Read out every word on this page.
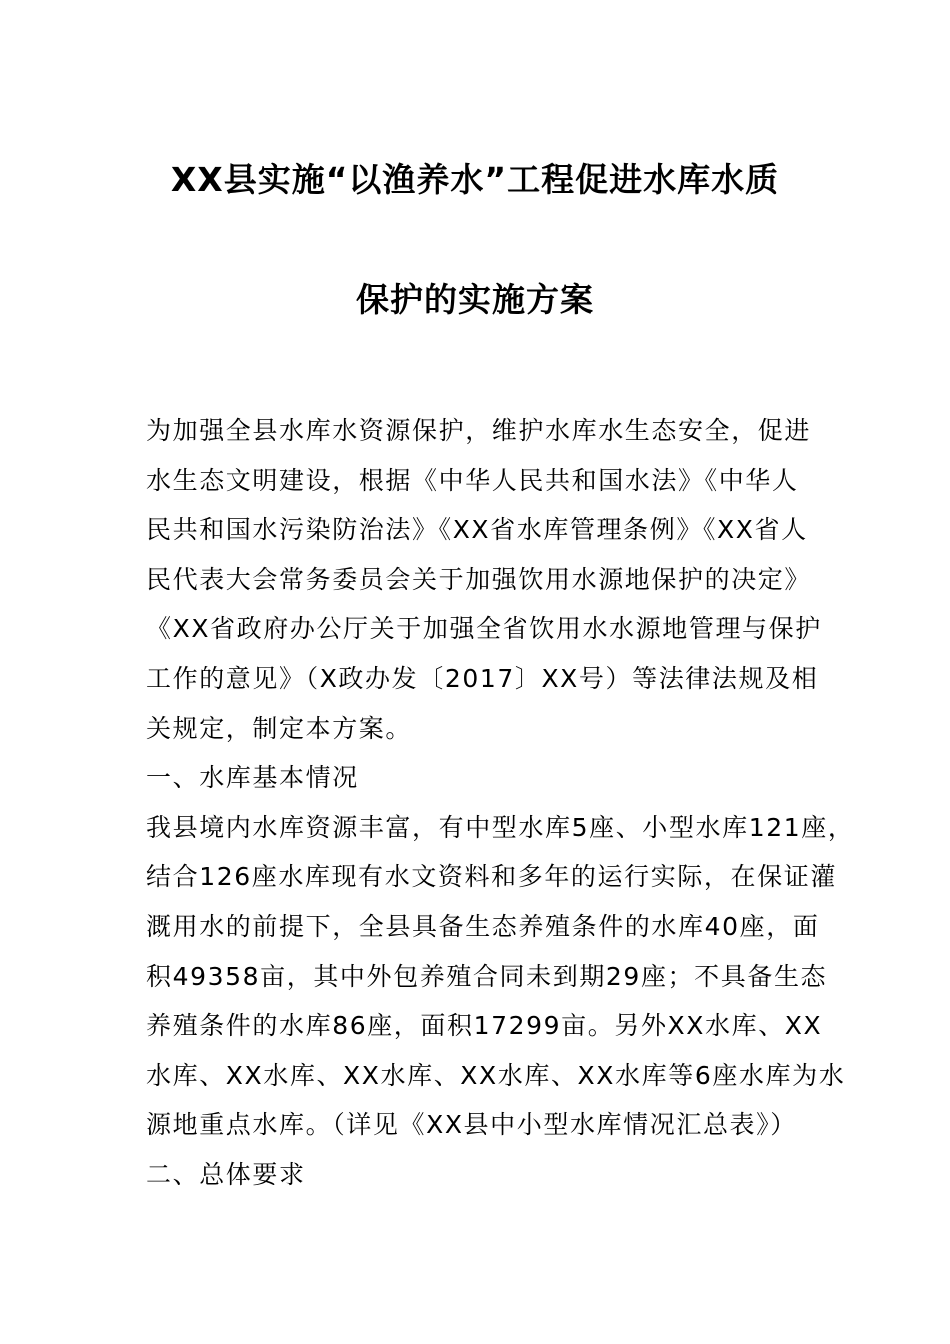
XX县实施“以渔养水”工程促进水库水质
保护的实施方案
为加强全县水库水资源保护，维护水库水生态安全，促进
水生态文明建设，根据《中华人民共和国水法》《中华人
民共和国水污染防治法》《XX省水库管理条例》《XX省人
民代表大会常务委员会关于加强饮用水源地保护的决定》
《XX省政府办公厅关于加强全省饮用水水源地管理与保护
工作的意见》（X政办发〔2017〕XX号）等法律法规及相
关规定，制定本方案。
一、水库基本情况
我县境内水库资源丰富，有中型水库5座、小型水库121座，
结合126座水库现有水文资料和多年的运行实际，在保证灌
溉用水的前提下，全县具备生态养殖条件的水库40座，面
积49358亩，其中外包养殖合同未到期29座；不具备生态
养殖条件的水库86座，面积17299亩。另外XX水库、XX
水库、XX水库、XX水库、XX水库、XX水库等6座水库为水
源地重点水库。（详见《XX县中小型水库情况汇总表》）
二、总体要求
